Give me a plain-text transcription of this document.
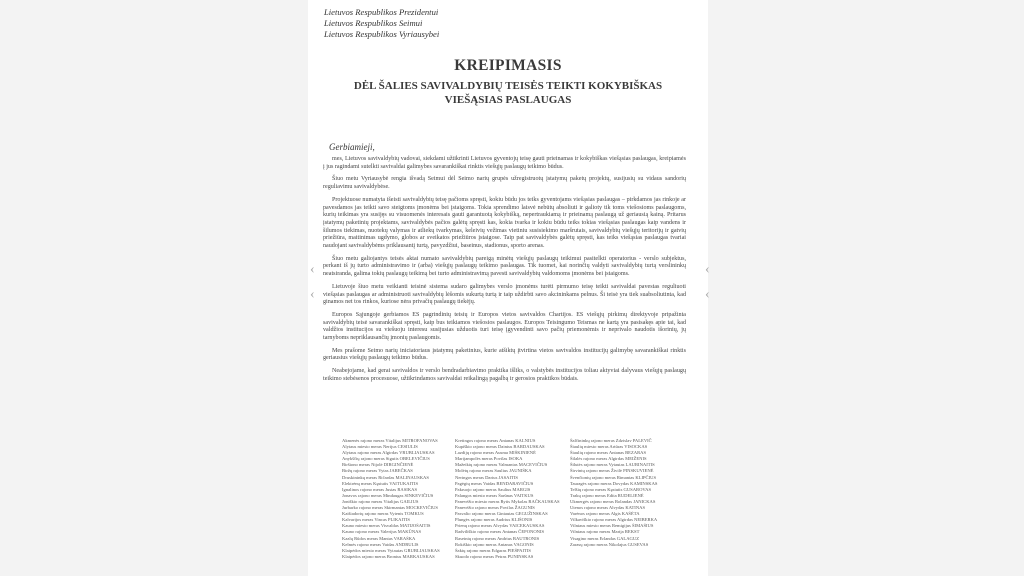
Lietuvos Respublikos Prezidentui
Lietuvos Respublikos Seimui
Lietuvos Respublikos Vyriausybei
KREIPIMASIS
DĖL ŠALIES SAVIVALDYBIŲ TEISĖS TEIKTI KOKYBIŠKAS
VIEŠĄSIAS PASLAUGAS
Gerbiamieji,

mes, Lietuvos savivaldybių vadovai, siekdami užtikrinti Lietuvos gyventojų teisę gauti prieinamas ir kokybiškas viešąsias paslaugas, kreipiamės į jus ragindami sutelkti savivaldai galimybes savarankiškai rinktis viešųjų paslaugų teikimo būdus.

Šiuo metu Vyriausybė rengia išvadą Seimui dėl Seimo narių grupės užregistruotų įstatymų paketų projektų, susijusių su vidaus sandorių reguliavimu savivaldybėse.

Projektuose numatyta išeisti savivaldybių teisę pačioms spręsti, kokiu būdu jos teiks gyventojams viešąsias paslaugas – pirkdamos jas rinkoje ar pavesdamos jas teikti savo steigtoms įmonėms bei įstaigoms. Tokia sprendimo laisvė nebūtų absoliuti ir galioty tik toms viešosioms paslaugoms, kurių teikimas yra susijęs su visuomenės interesais gauti garantuotą kokybišką, nepertraukiamą ir prieinamą paslaugą už geriausią kainą. Pritarus įstatymų paketinių projektams, savivaldybės pačios galėtų spręsti kas, kokia tvarka ir kokiu būdu teiks tokias viešąsias paslaugas kaip vandens ir šilumos tiekimas, nuotekų valymas ir atliekų tvarkymas, keleivių vežimas vietiniu susisiekimo maršrutais, savivaldybių viešųjų teritorijų ir gatvių priežiūra, maitinimas ugdymo, globos ar sveikatos priežiūros įstaigose. Taip pat savivaldybės galėtų spręsti, kas teiks viešąsias paslaugas tvariai naudojant savivaldybėms priklausantį turtą, pavyzdžiui, baseinus, stadionus, sporto arenas.

Šiuo metu galiojantys teisės aktai numato savivaldybių pareigą minėtų viešųjų paslaugų teikimui pasitelkti operatorius - verslo subjektus, perkant iš jų turto administravimo ir (arba) viešųjų paslaugų teikimo paslaugas. Tik tuomet, kai norinčių valdyti savivaldybių turtą verslininkų neatsiranda, galima tokių paslaugų teikimą bei turto administravimą pavesti savivaldybių valdomoms įmonėms bei įstaigoms.

Lietuvoje šiuo metu veikianti teisinė sistema sudaro galimybes verslo įmonėms turėti pirmumo teisę teikti savivaldai pavestas reguliuoti viešąsias paslaugas ar administruoti savivaldybių lėšomis sukurtą turtą ir taip uždirbti savo akcininkams pelnus. Ši teisė yra tiek suabsoliutinta, kad ginamos net tos rinkos, kuriose nėra privačių paslaugų tiekėjų.

Europos Sąjungoje gerbiamos ES pagrindinių teisių ir Europos vietos savivaldos Chartijos. ES viešųjų pirkimų direktyvoje pripažinta savivaldybių teisė savarankiškai spręsti, kaip bus teikiamos viešosios paslaugos. Europos Teisingumo Teismas ne kartą yra pasisakęs apie tai, kad valdžios institucijos su viešuoju interesu susijusias užduotis turi teisę įgyvendinti savo pačių priemonėmis ir neprivalo naudotis išorinių, jų tarnyboms nepriklausančių įmonių paslaugomis.

Mes prašome Seimo narių iniciatoriaus įstatymų paketinius, kurie atšiktų įtvirtina vietos savivaldos institucijų galimybę savarankiškai rinktis geriausius viešųjų paslaugų teikimo būdus.

Neabejojame, kad gerai savivaldos ir verslo bendradarbiavimo praktika išliks, o valstybės institucijos toliau aktyviai dalyvaus viešųjų paslaugų teikimo stebėsenos procesuose, užtikrindamos savivaldai reikalingą pagalbą ir gerosios praktikos būdais.

Akmenės rajono meras Vitalijus MITROFANOVAS
Alytaus miesto meras Nerijus CESIULIS
Alytaus rajono meras Algirdas VRUBLIAUSKAS
Anykščių rajono meras Sigutis OBELEVIČIUS
Birštono meras Nijolė DIRGINČIENĖ
Biržų rajono meras Vytas JAREČKAS
Druskininkų meras Ričardas MALINAUSKAS
Elektrėnų meras Kęstutis VAITUKAITIS
Ignalinos rajono meras Justas RASIKAS
Jonavos rajono meras Mindaugas SINKEVIČIUS
Joniškio rajono meras Vitalijus GAILIUS
Jurbarko rajono meras Skirmantas MOCKEVIČIUS
Kaišiadorių rajono meras Vytenis TOMKUS
Kalvarijos meras Vincas PLIKAITIS
Kauno miesto meras Visvaldas MATIJOŠAITIS
Kauno rajono meras Valerijus MAKŪNAS
Kazlų Rūdos meras Mantas VARAŠKA
Kelmės rajono meras Vaidas ANDRULIS
Klaipėdos miesto meras Vytautas GRUBLIAUSKAS
Klaipėdos rajono meras Bronius MARKAUSKAS
Kretingos rajono meras Antanas KALNIUS
Kupiškio rajono meras Dainius BARDAUSKAS
Lazdijų rajono meras Ausma MIŠKINIENĖ
Marijampolės meras Povilas ISOKA
Mažeikių rajono meras Valmantas MACEVIČIUS
Molėtų rajono meras Saulius JAUNIŠKA
Neringos meras Darius JASAITIS
Pagėgių meras Vaidas BENDARAVIČIUS
Pakruojo rajono meras Saulius MARGIS
Palangos miesto meras Šarūnas VAITKUS
Panevėžio miesto meras Rytis Mykolas RAČKAUSKAS
Panevėžio rajono meras Povilas ŽAGUNIS
Pasvalio rajono meras Gintautas GEGUŽINSKAS
Plungės rajono meras Audrius KLIŠONIS
Prienų rajono meras Alvydas VAICEKAUSKAS
Radviliškio rajono meras Antanas ČEPONONIS
Raseinių rajono meras Andrius BAUTRONIS
Rokiškio rajono meras Antanas VAGONIS
Šakių rajono meras Edgaras PIEŠPAITIS
Skuodo rajono meras Petras PUNINSKAS
Šalčininkų rajono meras Zdzislav PALEVIČ
Šiaulių miesto meras Artūras VISOCKAS
Šiaulių rajono meras Antanas BEZARAS
Šilalės rajono meras Algirdas MEIŽENIS
Šilutės rajono meras Vytautas LAURINAITIS
Širvintų rajono meras Živilė PINSKUVIENĖ
Švenčionių rajono meras Rimantas KLIPČIUS
Tauragės rajono meras Dovydas KAMINSKAS
Telšių rajono meras Kęstutis GUSAROVAS
Trakų rajono meras Edita RUDELIENĖ
Ukmergės rajono meras Rolandas JANICKAS
Utenos rajono meras Alvydas KATINAS
Varėnos rajono meras Algis KAŠĖTA
Vilkaviškio rajono meras Algirdas NEIBERKA
Vilniaus miesto meras Remigijus ŠIMAŠIUS
Vilniaus rajono meras Marija REKST
Visagino meras Erlandas GALAGUZ
Zarasų rajono meras Nikolajus GUSEVAS
‹
‹
‹
‹
